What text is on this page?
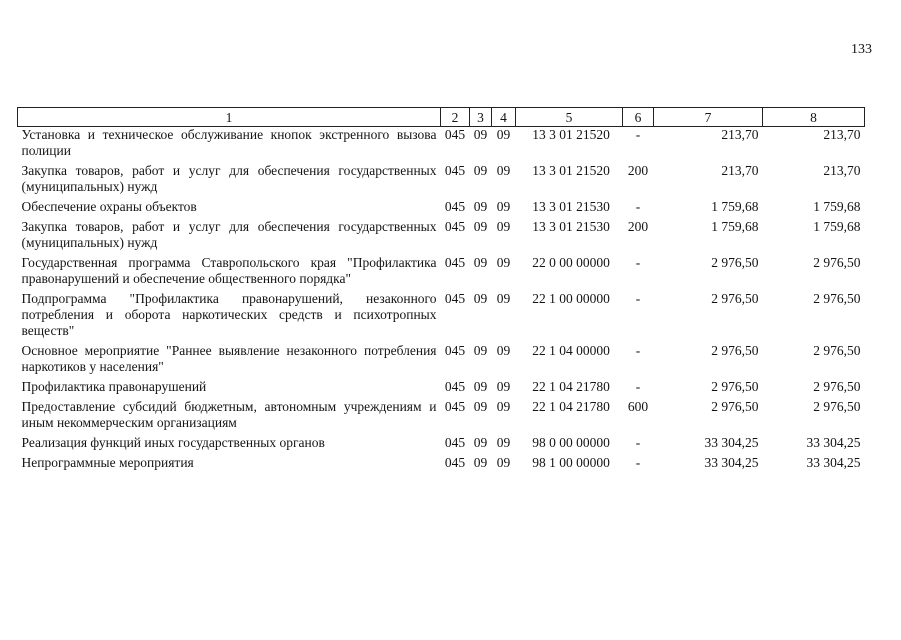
133
1	2	3	4	5	6	7	8
Установка и техническое обслуживание кнопок экстренного вызова полиции	045	09	09	13 3 01 21520	-	213,70	213,70
Закупка товаров, работ и услуг для обеспечения государственных (муниципальных) нужд	045	09	09	13 3 01 21520	200	213,70	213,70
Обеспечение охраны объектов	045	09	09	13 3 01 21530	-	1 759,68	1 759,68
Закупка товаров, работ и услуг для обеспечения государственных (муниципальных) нужд	045	09	09	13 3 01 21530	200	1 759,68	1 759,68
Государственная программа Ставропольского края "Профилактика правонарушений и обеспечение общественного порядка"	045	09	09	22 0 00 00000	-	2 976,50	2 976,50
Подпрограмма "Профилактика правонарушений, незаконного потребления и оборота наркотических средств и психотропных веществ"	045	09	09	22 1 00 00000	-	2 976,50	2 976,50
Основное мероприятие "Раннее выявление незаконного потребления наркотиков у населения"	045	09	09	22 1 04 00000	-	2 976,50	2 976,50
Профилактика правонарушений	045	09	09	22 1 04 21780	-	2 976,50	2 976,50
Предоставление субсидий бюджетным, автономным учреждениям и иным некоммерческим организациям	045	09	09	22 1 04 21780	600	2 976,50	2 976,50
Реализация функций иных государственных органов	045	09	09	98 0 00 00000	-	33 304,25	33 304,25
Непрограммные мероприятия	045	09	09	98 1 00 00000	-	33 304,25	33 304,25
